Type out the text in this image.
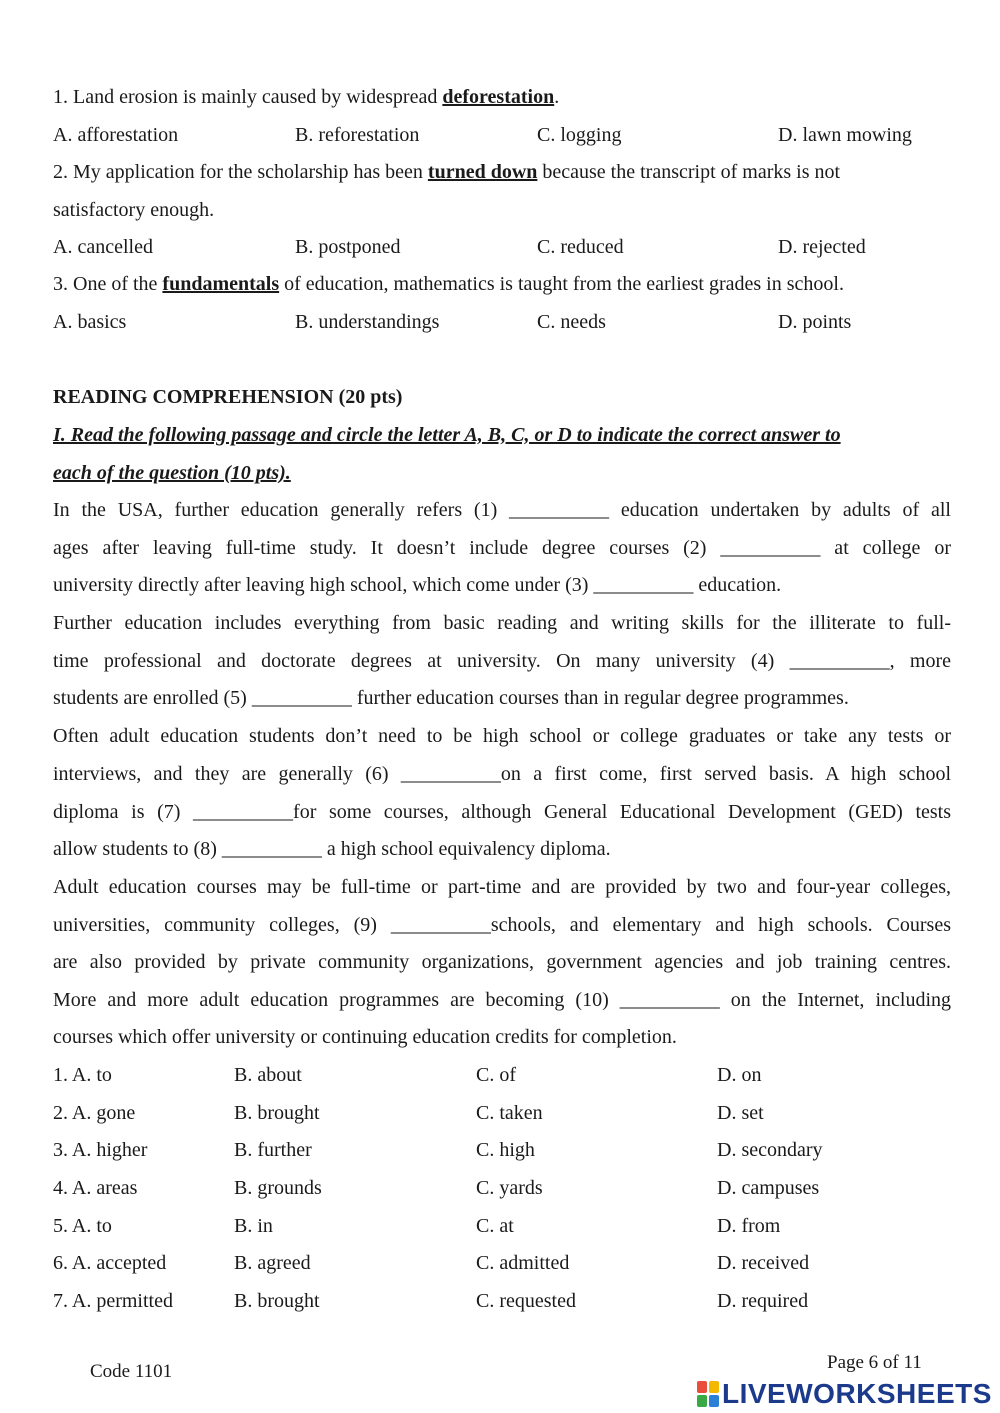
1. Land erosion is mainly caused by widespread deforestation.
A. afforestation	B. reforestation	C. logging	D. lawn mowing
2. My application for the scholarship has been turned down because the transcript of marks is not
satisfactory enough.
A. cancelled	B. postponed	C. reduced	D. rejected
3. One of the fundamentals of education, mathematics is taught from the earliest grades in school.
A. basics	B. understandings	C. needs	D. points
READING COMPREHENSION (20 pts)
I. Read the following passage and circle the letter A, B, C, or D to indicate the correct answer to
each of the question (10 pts).
In the USA, further education generally refers (1) __________ education undertaken by adults of all
ages after leaving full-time study. It doesn’t include degree courses (2) __________ at college or
university directly after leaving high school, which come under (3) __________ education.
Further education includes everything from basic reading and writing skills for the illiterate to full-
time professional and doctorate degrees at university. On many university (4) __________, more
students are enrolled (5) __________ further education courses than in regular degree programmes.
Often adult education students don’t need to be high school or college graduates or take any tests or
interviews, and they are generally (6) __________on a first come, first served basis. A high school
diploma is (7) __________for some courses, although General Educational Development (GED) tests
allow students to (8) __________ a high school equivalency diploma.
Adult education courses may be full-time or part-time and are provided by two and four-year colleges,
universities, community colleges, (9) __________schools, and elementary and high schools. Courses
are also provided by private community organizations, government agencies and job training centres.
More and more adult education programmes are becoming (10) __________ on the Internet, including
courses which offer university or continuing education credits for completion.
1. A. to	B. about	C. of	D. on
2. A. gone	B. brought	C. taken	D. set
3. A. higher	B. further	C. high	D. secondary
4. A. areas	B. grounds	C. yards	D. campuses
5. A. to	B. in	C. at	D. from
6. A. accepted	B. agreed	C. admitted	D. received
7. A. permitted	B. brought	C. requested	D. required
Code 1101	Page 6 of 11
LIVEWORKSHEETS
